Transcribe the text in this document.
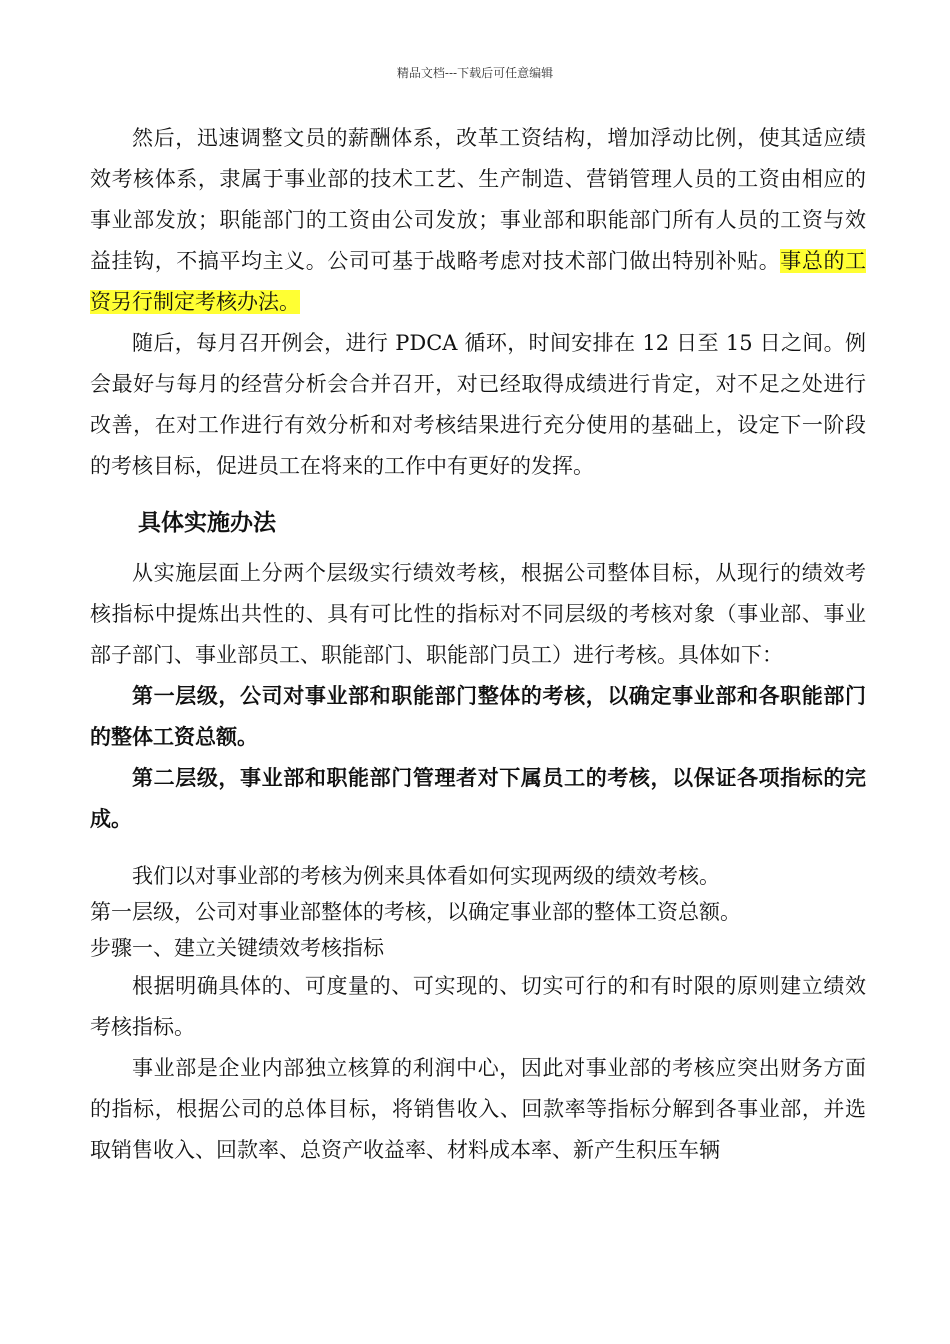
精品文档---下载后可任意编辑

然后，迅速调整文员的薪酬体系，改革工资结构，增加浮动比例，使其适应绩效考核体系，隶属于事业部的技术工艺、生产制造、营销管理人员的工资由相应的事业部发放；职能部门的工资由公司发放；事业部和职能部门所有人员的工资与效益挂钩，不搞平均主义。公司可基于战略考虑对技术部门做出特别补贴。事总的工资另行制定考核办法。

随后，每月召开例会，进行 PDCA 循环，时间安排在 12 日至 15 日之间。例会最好与每月的经营分析会合并召开，对已经取得成绩进行肯定，对不足之处进行改善，在对工作进行有效分析和对考核结果进行充分使用的基础上，设定下一阶段的考核目标，促进员工在将来的工作中有更好的发挥。

具体实施办法

从实施层面上分两个层级实行绩效考核，根据公司整体目标，从现行的绩效考核指标中提炼出共性的、具有可比性的指标对不同层级的考核对象（事业部、事业部子部门、事业部员工、职能部门、职能部门员工）进行考核。具体如下：

第一层级，公司对事业部和职能部门整体的考核，以确定事业部和各职能部门的整体工资总额。

第二层级，事业部和职能部门管理者对下属员工的考核，以保证各项指标的完成。

我们以对事业部的考核为例来具体看如何实现两级的绩效考核。

第一层级，公司对事业部整体的考核，以确定事业部的整体工资总额。

步骤一、建立关键绩效考核指标

根据明确具体的、可度量的、可实现的、切实可行的和有时限的原则建立绩效考核指标。

事业部是企业内部独立核算的利润中心，因此对事业部的考核应突出财务方面的指标，根据公司的总体目标，将销售收入、回款率等指标分解到各事业部，并选取销售收入、回款率、总资产收益率、材料成本率、新产生积压车辆
